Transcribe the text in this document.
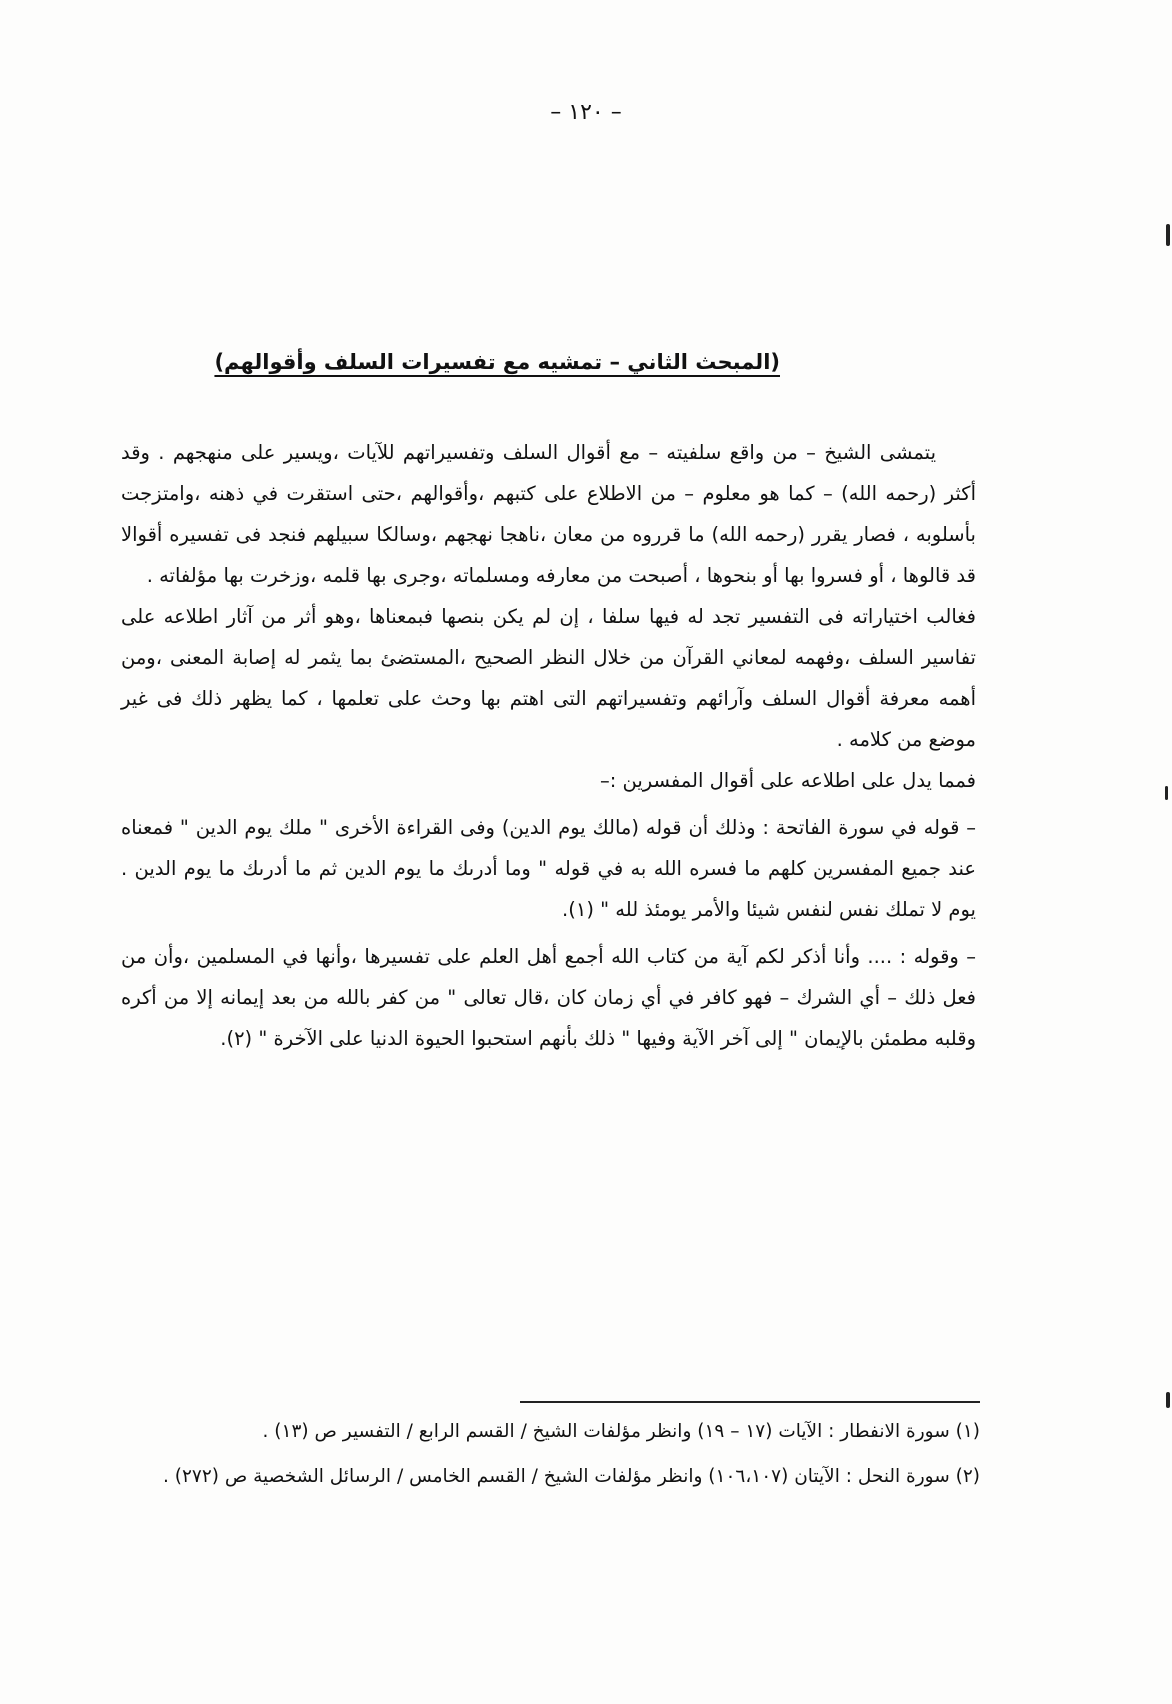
– ١٢٠ –
(المبحث الثاني – تمشيه مع تفسيرات السلف وأقوالهم)

يتمشى الشيخ – من واقع سلفيته – مع أقوال السلف وتفسيراتهم للآيات ،ويسير على منهجهم . وقد أكثر (رحمه الله) – كما هو معلوم – من الاطلاع على كتبهم ،وأقوالهم ،حتى استقرت في ذهنه ،وامتزجت بأسلوبه ، فصار يقرر (رحمه الله) ما قرروه من معان ،ناهجا نهجهم ،وسالكا سبيلهم فنجد فى تفسيره أقوالا قد قالوها ، أو فسروا بها أو بنحوها ، أصبحت من معارفه ومسلماته ،وجرى بها قلمه ،وزخرت بها مؤلفاته .

فغالب اختياراته فى التفسير تجد له فيها سلفا ، إن لم يكن بنصها فبمعناها ،وهو أثر من آثار اطلاعه على تفاسير السلف ،وفهمه لمعاني القرآن من خلال النظر الصحيح ،المستضئ بما يثمر له إصابة المعنى ،ومن أهمه معرفة أقوال السلف وآرائهم وتفسيراتهم التى اهتم بها وحث على تعلمها ، كما يظهر ذلك فى غير موضع من كلامه .

فمما يدل على اطلاعه على أقوال المفسرين :–

– قوله في سورة الفاتحة : وذلك أن قوله (مالك يوم الدين) وفى القراءة الأخرى " ملك يوم الدين " فمعناه عند جميع المفسرين كلهم ما فسره الله به في قوله " وما أدرىك ما يوم الدين ثم ما أدرىك ما يوم الدين . يوم لا تملك نفس لنفس شيئا والأمر يومئذ لله " (١).

– وقوله : .... وأنا أذكر لكم آية من كتاب الله أجمع أهل العلم على تفسيرها ،وأنها في المسلمين ،وأن من فعل ذلك – أي الشرك – فهو كافر في أي زمان كان ،قال تعالى " من كفر بالله من بعد إيمانه إلا من أكره وقلبه مطمئن بالإيمان " إلى آخر الآية وفيها " ذلك بأنهم استحبوا الحيوة الدنيا على الآخرة " (٢).

(١) سورة الانفطار : الآيات (١٧ – ١٩) وانظر مؤلفات الشيخ / القسم الرابع / التفسير ص (١٣) .

(٢) سورة النحل : الآيتان (١٠٦،١٠٧) وانظر مؤلفات الشيخ / القسم الخامس / الرسائل الشخصية ص (٢٧٢) .
